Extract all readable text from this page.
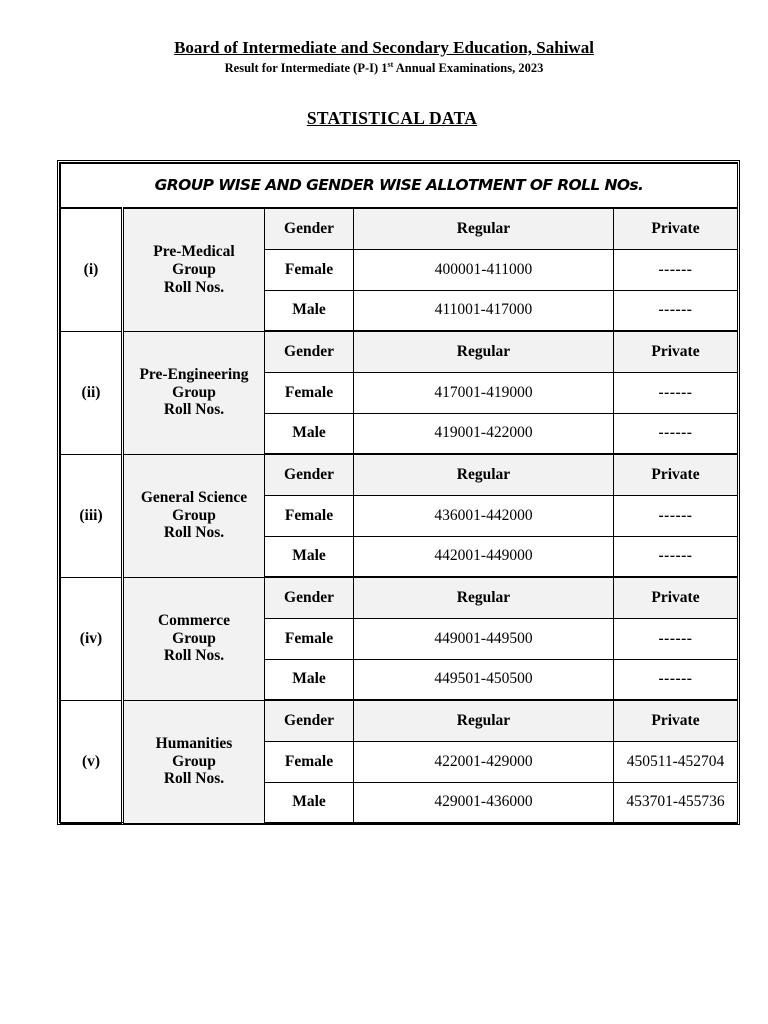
Board of Intermediate and Secondary Education, Sahiwal
Result for Intermediate (P-I) 1st Annual Examinations, 2023
STATISTICAL DATA
GROUP WISE AND GENDER WISE ALLOTMENT OF ROLL NOs.				
(i)	Pre-Medical
Group
Roll Nos.	Gender	Regular	Private
		Female	400001-411000	------
		Male	411001-417000	------
(ii)	Pre-Engineering
Group
Roll Nos.	Gender	Regular	Private
		Female	417001-419000	------
		Male	419001-422000	------
(iii)	General Science
Group
Roll Nos.	Gender	Regular	Private
		Female	436001-442000	------
		Male	442001-449000	------
(iv)	Commerce
Group
Roll Nos.	Gender	Regular	Private
		Female	449001-449500	------
		Male	449501-450500	------
(v)	Humanities
Group
Roll Nos.	Gender	Regular	Private
		Female	422001-429000	450511-452704
		Male	429001-436000	453701-455736
